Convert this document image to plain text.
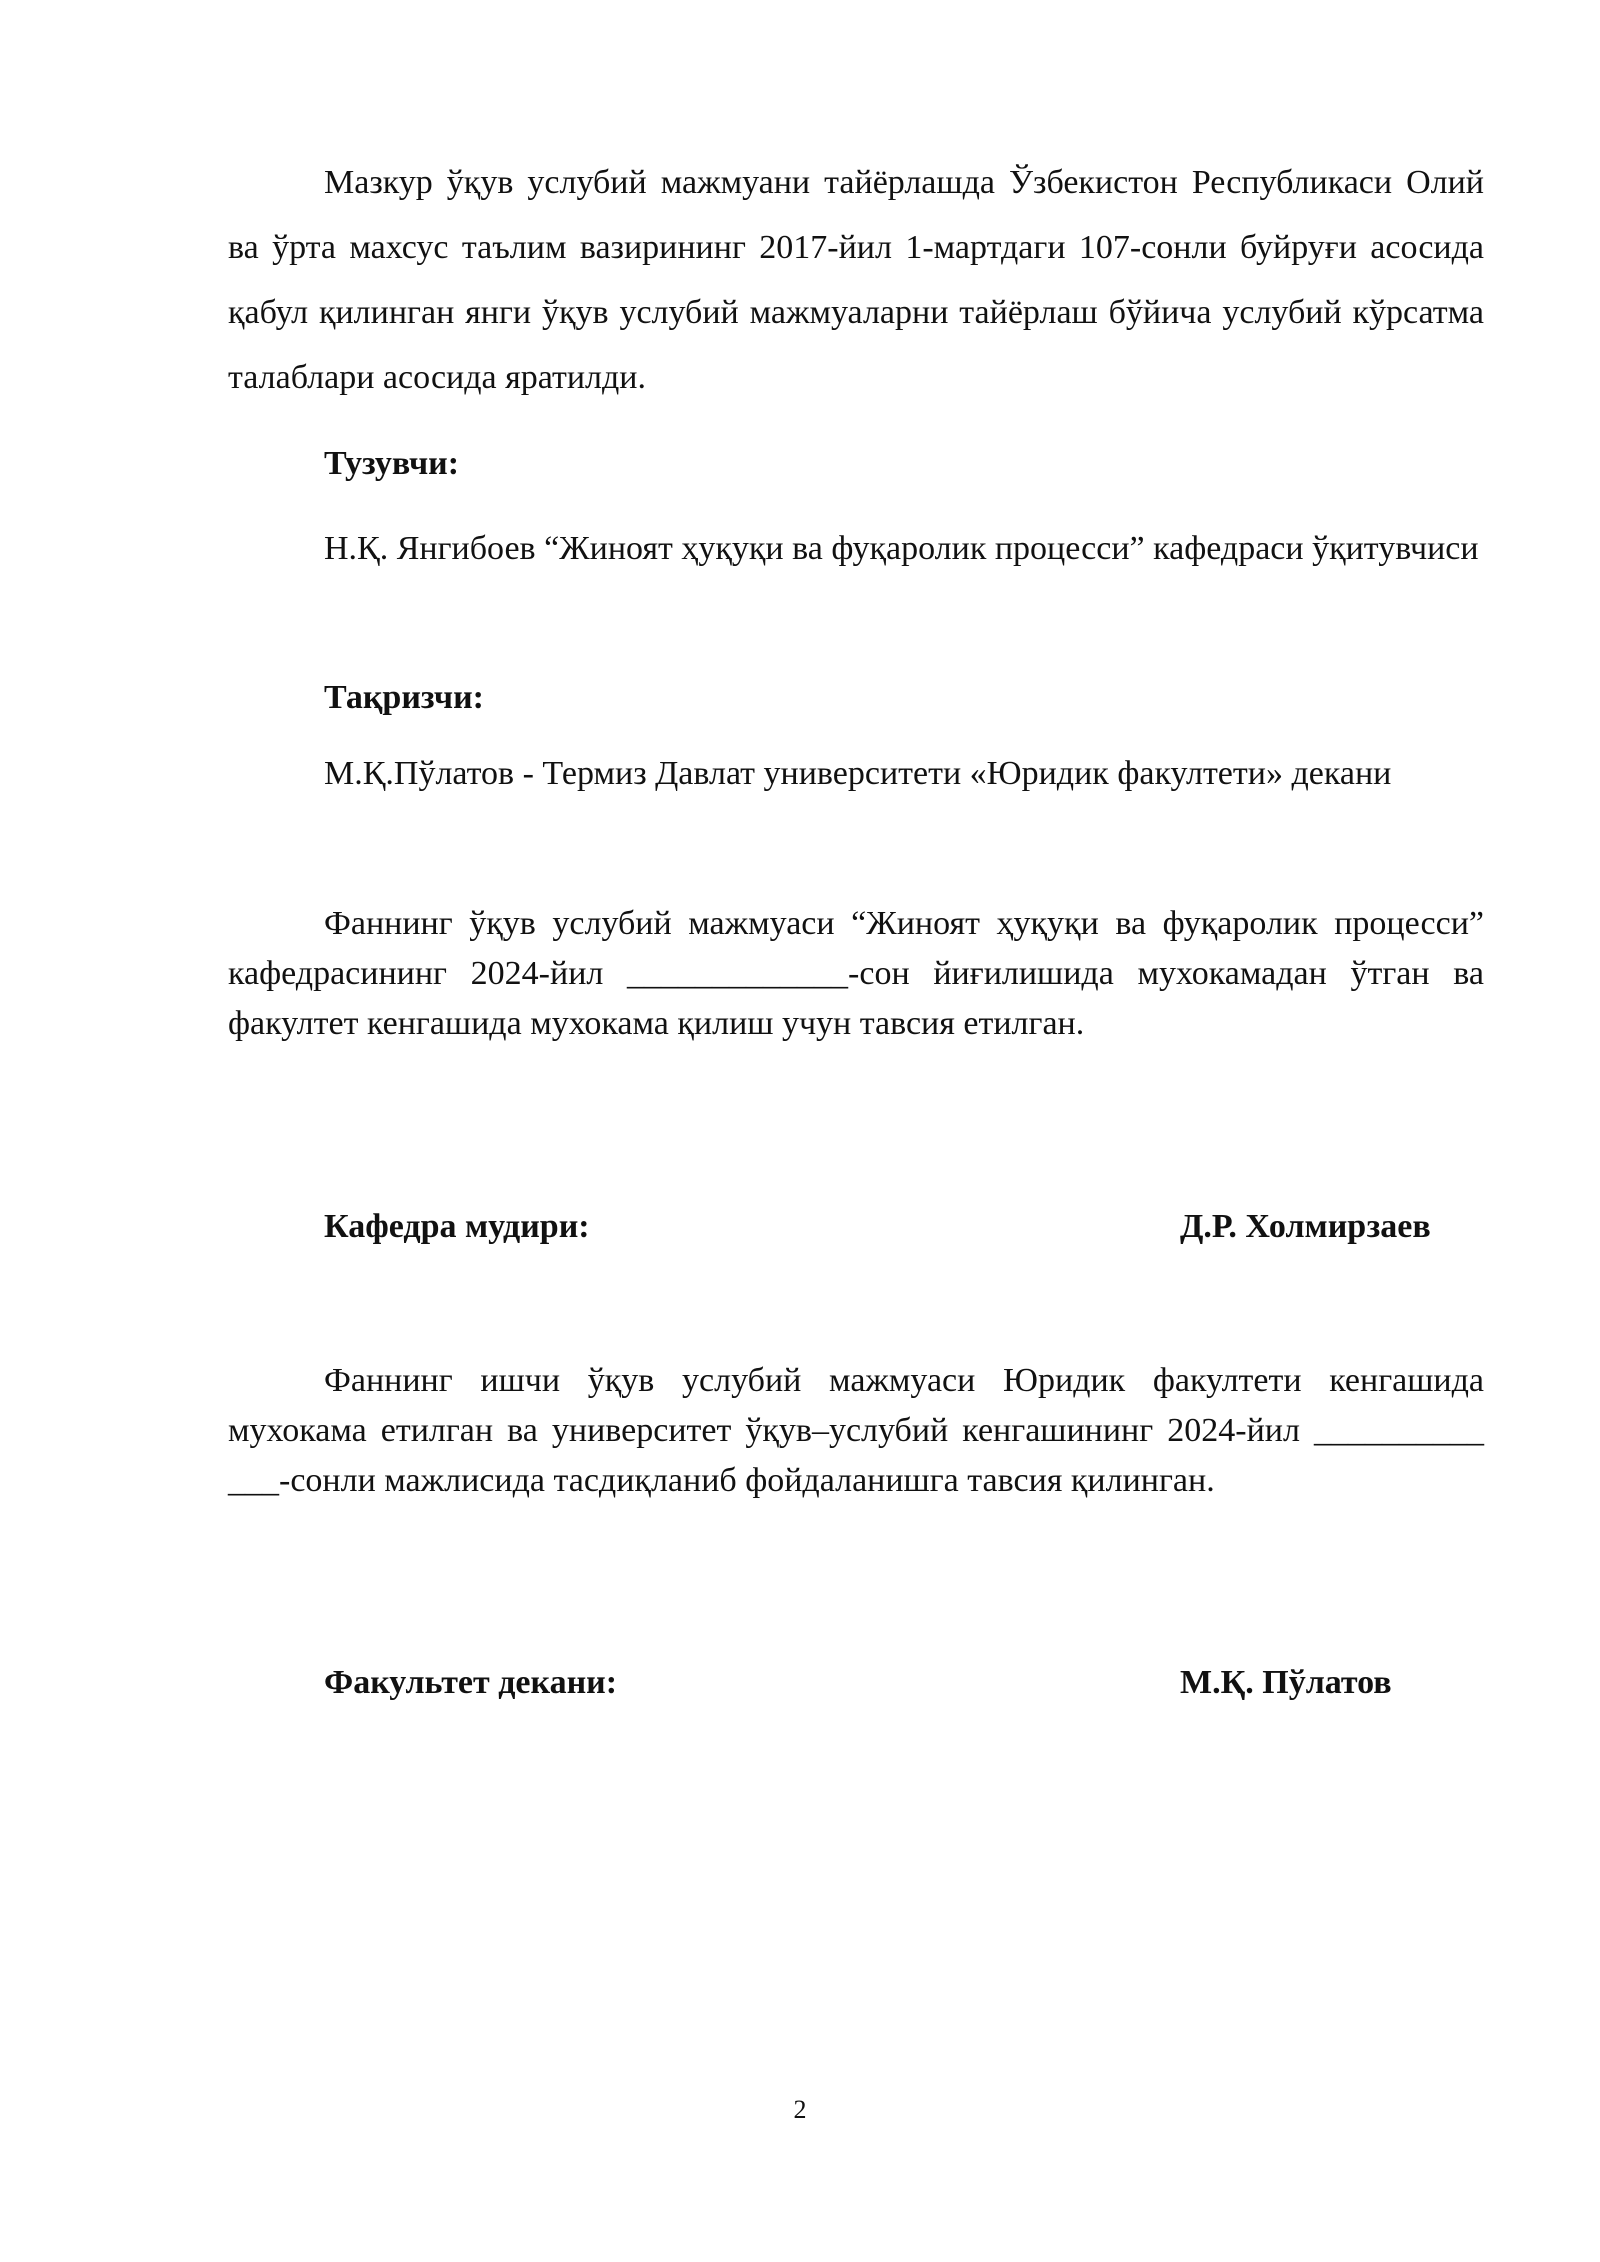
Мазкур ўқув услубий мажмуани тайёрлашда Ўзбекистон Республикаси Олий ва ўрта махсус таълим вазирининг 2017-йил 1-мартдаги 107-сонли буйруғи асосида қабул қилинган янги ўқув услубий мажмуаларни тайёрлаш бўйича услубий кўрсатма талаблари асосида яратилди.

Тузувчи:

Н.Қ. Янгибоев “Жиноят ҳуқуқи ва фуқаролик процесси” кафедраси ўқитувчиси

Тақризчи:

М.Қ.Пўлатов - Термиз Давлат университети «Юридик факултети» декани

Фаннинг ўқув услубий мажмуаси “Жиноят ҳуқуқи ва фуқаролик процесси” кафедрасининг 2024-йил _____________-сон йиғилишида мухокамадан ўтган ва факултет кенгашида мухокама қилиш учун тавсия етилган.

Кафедра мудири:	Д.Р. Холмирзаев

Фаннинг ишчи ўқув услубий мажмуаси Юридик факултети кенгашида мухокама етилган ва университет ўқув–услубий кенгашининг 2024-йил __________ ___-сонли мажлисида тасдиқланиб фойдаланишга тавсия қилинган.

Факультет декани:	М.Қ. Пўлатов
2
